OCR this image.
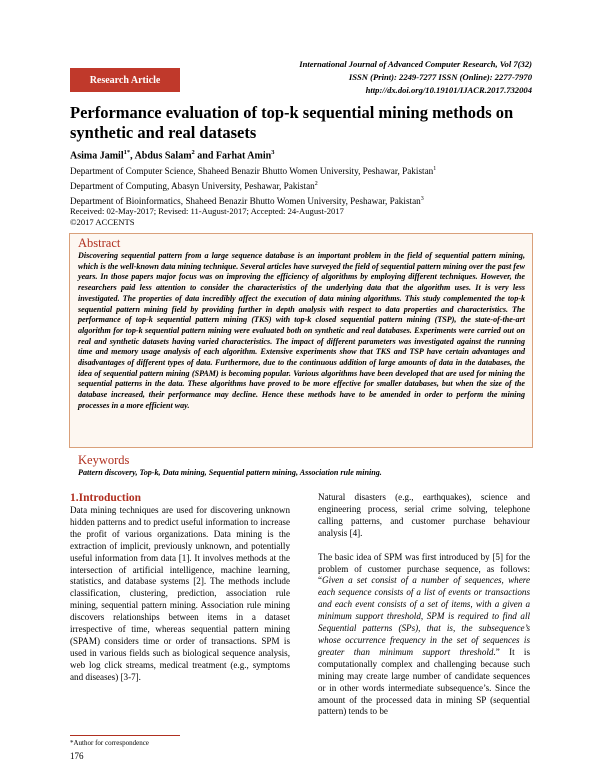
Research Article
International Journal of Advanced Computer Research, Vol 7(32)
ISSN (Print): 2249-7277 ISSN (Online): 2277-7970
http://dx.doi.org/10.19101/IJACR.2017.732004
Performance evaluation of top-k sequential mining methods on synthetic and real datasets
Asima Jamil$^{1*}$, Abdus Salam$^2$ and Farhat Amin$^3$
Department of Computer Science, Shaheed Benazir Bhutto Women University, Peshawar, Pakistan$^1$
Department of Computing, Abasyn University, Peshawar, Pakistan$^2$
Department of Bioinformatics, Shaheed Benazir Bhutto Women University, Peshawar, Pakistan$^3$
Received: 02-May-2017; Revised: 11-August-2017; Accepted: 24-August-2017
©2017 ACCENTS
Abstract
Discovering sequential pattern from a large sequence database is an important problem in the field of sequential pattern mining, which is the well-known data mining technique. Several articles have surveyed the field of sequential pattern mining over the past few years. In those papers major focus was on improving the efficiency of algorithms by employing different techniques. However, the researchers paid less attention to consider the characteristics of the underlying data that the algorithm uses. It is very less investigated. The properties of data incredibly affect the execution of data mining algorithms. This study complemented the top-k sequential pattern mining field by providing further in depth analysis with respect to data properties and characteristics. The performance of top-k sequential pattern mining (TKS) with top-k closed sequential pattern mining (TSP), the state-of-the-art algorithm for top-k sequential pattern mining were evaluated both on synthetic and real databases. Experiments were carried out on real and synthetic datasets having varied characteristics. The impact of different parameters was investigated against the running time and memory usage analysis of each algorithm. Extensive experiments show that TKS and TSP have certain advantages and disadvantages of different types of data. Furthermore, due to the continuous addition of large amounts of data in the databases, the idea of sequential pattern mining (SPAM) is becoming popular. Various algorithms have been developed that are used for mining the sequential patterns in the data. These algorithms have proved to be more effective for smaller databases, but when the size of the database increased, their performance may decline. Hence these methods have to be amended in order to perform the mining processes in a more efficient way.
Keywords
Pattern discovery, Top-k, Data mining, Sequential pattern mining, Association rule mining.
1.Introduction
Data mining techniques are used for discovering unknown hidden patterns and to predict useful information to increase the profit of various organizations. Data mining is the extraction of implicit, previously unknown, and potentially useful information from data [1]. It involves methods at the intersection of artificial intelligence, machine learning, statistics, and database systems [2]. The methods include classification, clustering, prediction, association rule mining, sequential pattern mining. Association rule mining discovers relationships between items in a dataset irrespective of time, whereas sequential pattern mining (SPAM) considers time or order of transactions. SPM is used in various fields such as biological sequence analysis, web log click streams, medical treatment (e.g., symptoms and diseases) [3-7].

Natural disasters (e.g., earthquakes), science and engineering process, serial crime solving, telephone calling patterns, and customer purchase behaviour analysis [4].

The basic idea of SPM was first introduced by [5] for the problem of customer purchase sequence, as follows: “Given a set consist of a number of sequences, where each sequence consists of a list of events or transactions and each event consists of a set of items, with a given a minimum support threshold, SPM is required to find all Sequential patterns (SPs), that is, the subsequence’s whose occurrence frequency in the set of sequences is greater than minimum support threshold.” It is computationally complex and challenging because such mining may create large number of candidate sequences or in other words intermediate subsequence’s. Since the amount of the processed data in mining SP (sequential pattern) tends to be

*Author for correspondence
176
